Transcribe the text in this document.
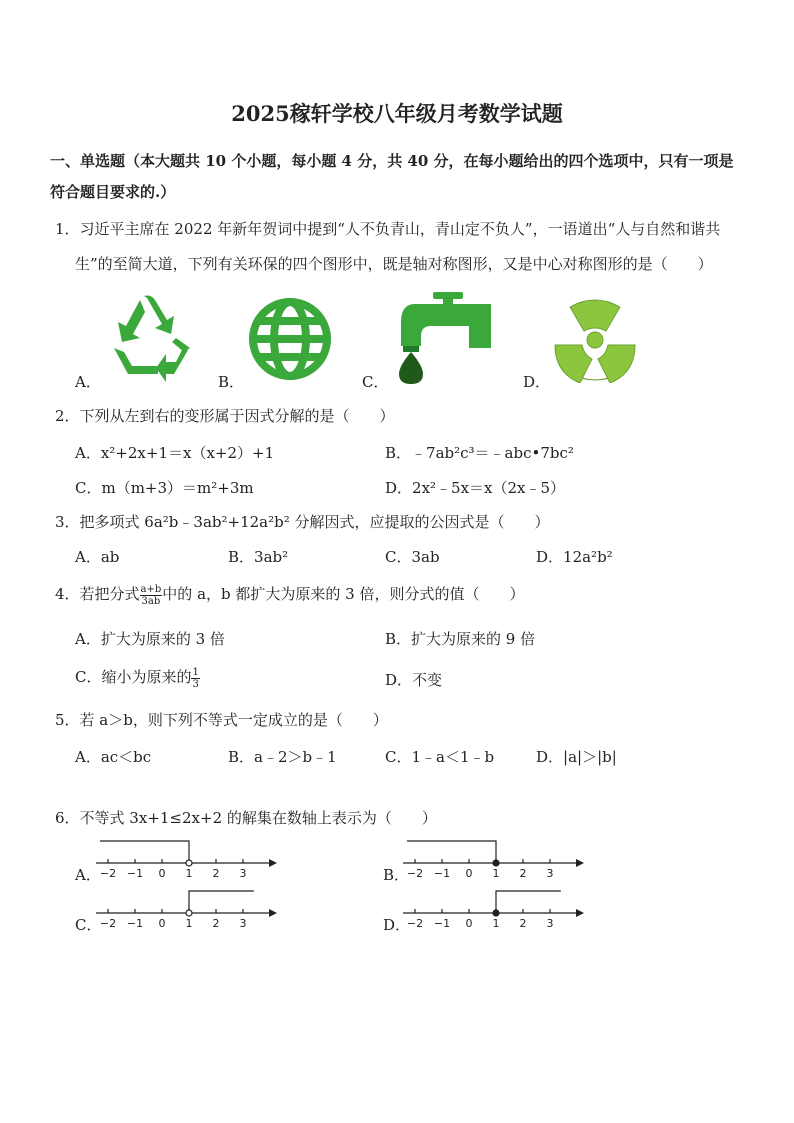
2025稼轩学校八年级月考数学试题
一、单选题（本大题共 10 个小题，每小题 4 分，共 40 分，在每小题给出的四个选项中，只有一项是
符合题目要求的.）
1．习近平主席在 2022 年新年贺词中提到“人不负青山，青山定不负人”，一语道出“人与自然和谐共
生”的至简大道，下列有关环保的四个图形中，既是轴对称图形，又是中心对称图形的是（　　）
A．	B．	C．	D．
2．下列从左到右的变形属于因式分解的是（　　）
A．x²+2x+1＝x（x+2）+1	B．﹣7ab²c³＝﹣abc•7bc²
C．m（m+3）＝m²+3m	D．2x²﹣5x＝x（2x﹣5）
3．把多项式 6a²b﹣3ab²+12a²b² 分解因式，应提取的公因式是（　　）
A．ab	B．3ab²	C．3ab	D．12a²b²
4．若把分式 $\frac{a+b}{3ab}$ 中的 a，b 都扩大为原来的 3 倍，则分式的值（　　）
A．扩大为原来的 3 倍	B．扩大为原来的 9 倍
C．缩小为原来的 $\frac{1}{3}$	D．不变
5．若 a＞b，则下列不等式一定成立的是（　　）
A．ac＜bc	B．a﹣2＞b﹣1	C．1﹣a＜1﹣b	D．|a|＞|b|
6．不等式 3x+1≤2x+2 的解集在数轴上表示为（　　）
A．	B．
C．	D．
−2 −1 0 1 2 3	−2 −1 0 1 2 3
−2 −1 0 1 2 3	−2 −1 0 1 2 3
